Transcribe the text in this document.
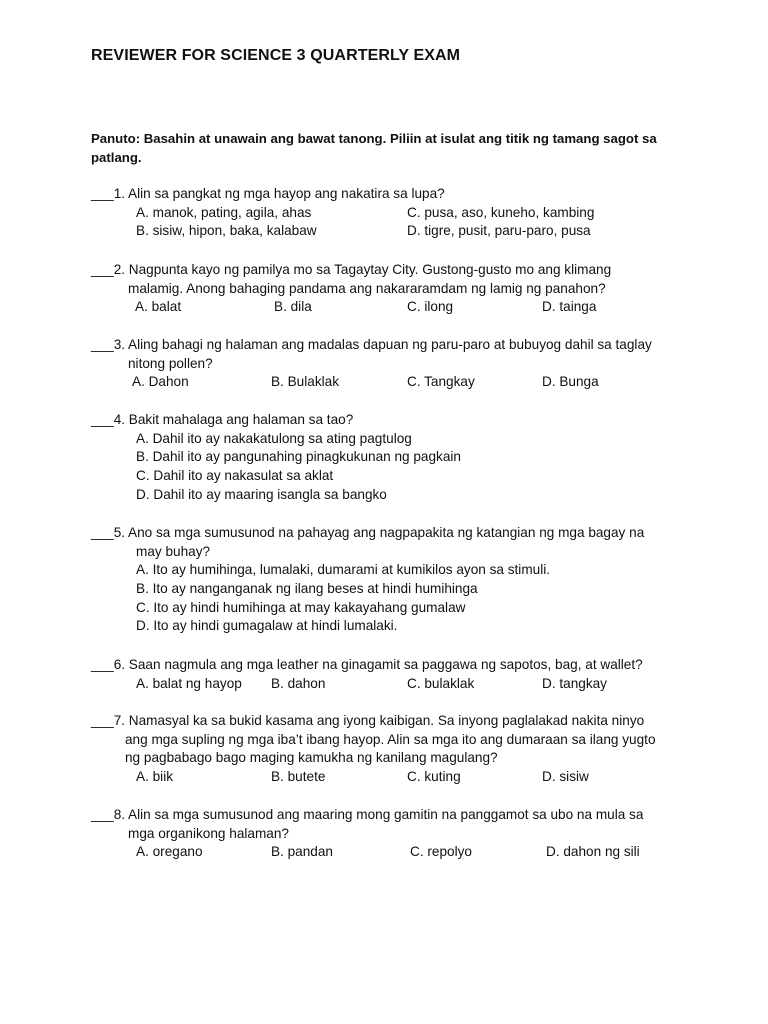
REVIEWER FOR SCIENCE 3 QUARTERLY EXAM

Panuto: Basahin at unawain ang bawat tanong. Piliin at isulat ang titik ng tamang sagot sa patlang.

___1. Alin sa pangkat ng mga hayop ang nakatira sa lupa?
A. manok, pating, agila, ahas	C. pusa, aso, kuneho, kambing
B. sisiw, hipon, baka, kalabaw	D. tigre, pusit, paru-paro, pusa
___2. Nagpunta kayo ng pamilya mo sa Tagaytay City. Gustong-gusto mo ang klimang
malamig. Anong bahaging pandama ang nakararamdam ng lamig ng panahon?
A. balat	B. dila	C. ilong	D. tainga
___3. Aling bahagi ng halaman ang madalas dapuan ng paru-paro at bubuyog dahil sa taglay
nitong pollen?
A. Dahon	B. Bulaklak	C. Tangkay	D. Bunga
___4. Bakit mahalaga ang halaman sa tao?
A. Dahil ito ay nakakatulong sa ating pagtulog
B. Dahil ito ay pangunahing pinagkukunan ng pagkain
C. Dahil ito ay nakasulat sa aklat
D. Dahil ito ay maaring isangla sa bangko
___5. Ano sa mga sumusunod na pahayag ang nagpapakita ng katangian ng mga bagay na
may buhay?
A. Ito ay humihinga, lumalaki, dumarami at kumikilos ayon sa stimuli.
B. Ito ay nanganganak ng ilang beses at hindi humihinga
C. Ito ay hindi humihinga at may kakayahang gumalaw
D. Ito ay hindi gumagalaw at hindi lumalaki.
___6. Saan nagmula ang mga leather na ginagamit sa paggawa ng sapotos, bag, at wallet?
A. balat ng hayop B. dahon	C. bulaklak	D. tangkay
___7. Namasyal ka sa bukid kasama ang iyong kaibigan. Sa inyong paglalakad nakita ninyo
ang mga supling ng mga iba’t ibang hayop. Alin sa mga ito ang dumaraan sa ilang yugto
ng pagbabago bago maging kamukha ng kanilang magulang?
A. biik	B. butete	C. kuting	D. sisiw
___8. Alin sa mga sumusunod ang maaring mong gamitin na panggamot sa ubo na mula sa
mga organikong halaman?
A. oregano	B. pandan	C. repolyo	D. dahon ng sili
